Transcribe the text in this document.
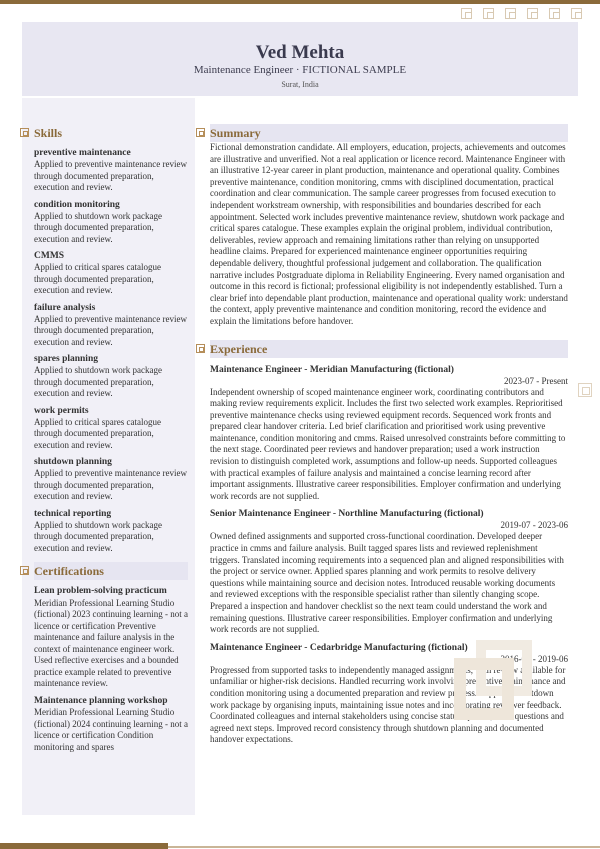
Ved Mehta
Maintenance Engineer · FICTIONAL SAMPLE
Surat, India
Skills
preventive maintenance
Applied to preventive maintenance review through documented preparation, execution and review.
condition monitoring
Applied to shutdown work package through documented preparation, execution and review.
CMMS
Applied to critical spares catalogue through documented preparation, execution and review.
failure analysis
Applied to preventive maintenance review through documented preparation, execution and review.
spares planning
Applied to shutdown work package through documented preparation, execution and review.
work permits
Applied to critical spares catalogue through documented preparation, execution and review.
shutdown planning
Applied to preventive maintenance review through documented preparation, execution and review.
technical reporting
Applied to shutdown work package through documented preparation, execution and review.
Certifications
Lean problem-solving practicum
Meridian Professional Learning Studio (fictional) 2023 continuing learning - not a licence or certification Preventive maintenance and failure analysis in the context of maintenance engineer work. Used reflective exercises and a bounded practice example related to preventive maintenance review.
Maintenance planning workshop
Meridian Professional Learning Studio (fictional) 2024 continuing learning - not a licence or certification Condition monitoring and spares
Summary
Fictional demonstration candidate. All employers, education, projects, achievements and outcomes are illustrative and unverified. Not a real application or licence record. Maintenance Engineer with an illustrative 12-year career in plant production, maintenance and operational quality. Combines preventive maintenance, condition monitoring, cmms with disciplined documentation, practical coordination and clear communication. The sample career progresses from focused execution to independent workstream ownership, with responsibilities and boundaries described for each appointment. Selected work includes preventive maintenance review, shutdown work package and critical spares catalogue. These examples explain the original problem, individual contribution, deliverables, review approach and remaining limitations rather than relying on unsupported headline claims. Prepared for experienced maintenance engineer opportunities requiring dependable delivery, thoughtful professional judgement and collaboration. The qualification narrative includes Postgraduate diploma in Reliability Engineering. Every named organisation and outcome in this record is fictional; professional eligibility is not independently established. Turn a clear brief into dependable plant production, maintenance and operational quality work: understand the context, apply preventive maintenance and condition monitoring, record the evidence and explain the limitations before handover.
Experience
Maintenance Engineer - Meridian Manufacturing (fictional)
2023-07 - Present
Independent ownership of scoped maintenance engineer work, coordinating contributors and making review requirements explicit. Includes the first two selected work examples. Reprioritised preventive maintenance checks using reviewed equipment records. Sequenced work fronts and prepared clear handover criteria. Led brief clarification and prioritised work using preventive maintenance, condition monitoring and cmms. Raised unresolved constraints before committing to the next stage. Coordinated peer reviews and handover preparation; used a work instruction revision to distinguish completed work, assumptions and follow-up needs. Supported colleagues with practical examples of failure analysis and maintained a concise learning record after important assignments. Illustrative career responsibilities. Employer confirmation and underlying work records are not supplied.
Senior Maintenance Engineer - Northline Manufacturing (fictional)
2019-07 - 2023-06
Owned defined assignments and supported cross-functional coordination. Developed deeper practice in cmms and failure analysis. Built tagged spares lists and reviewed replenishment triggers. Translated incoming requirements into a sequenced plan and aligned responsibilities with the project or service owner. Applied spares planning and work permits to resolve delivery questions while maintaining source and decision notes. Introduced reusable working documents and reviewed exceptions with the responsible specialist rather than silently changing scope. Prepared a inspection and handover checklist so the next team could understand the work and remaining questions. Illustrative career responsibilities. Employer confirmation and underlying work records are not supplied.
Maintenance Engineer - Cedarbridge Manufacturing (fictional)
2016-07 - 2019-06
Progressed from supported tasks to independently managed assignments, with review available for unfamiliar or higher-risk decisions. Handled recurring work involving preventive maintenance and condition monitoring using a documented preparation and review process. Supported shutdown work package by organising inputs, maintaining issue notes and incorporating reviewer feedback. Coordinated colleagues and internal stakeholders using concise status updates, clear questions and agreed next steps. Improved record consistency through shutdown planning and documented handover expectations.
